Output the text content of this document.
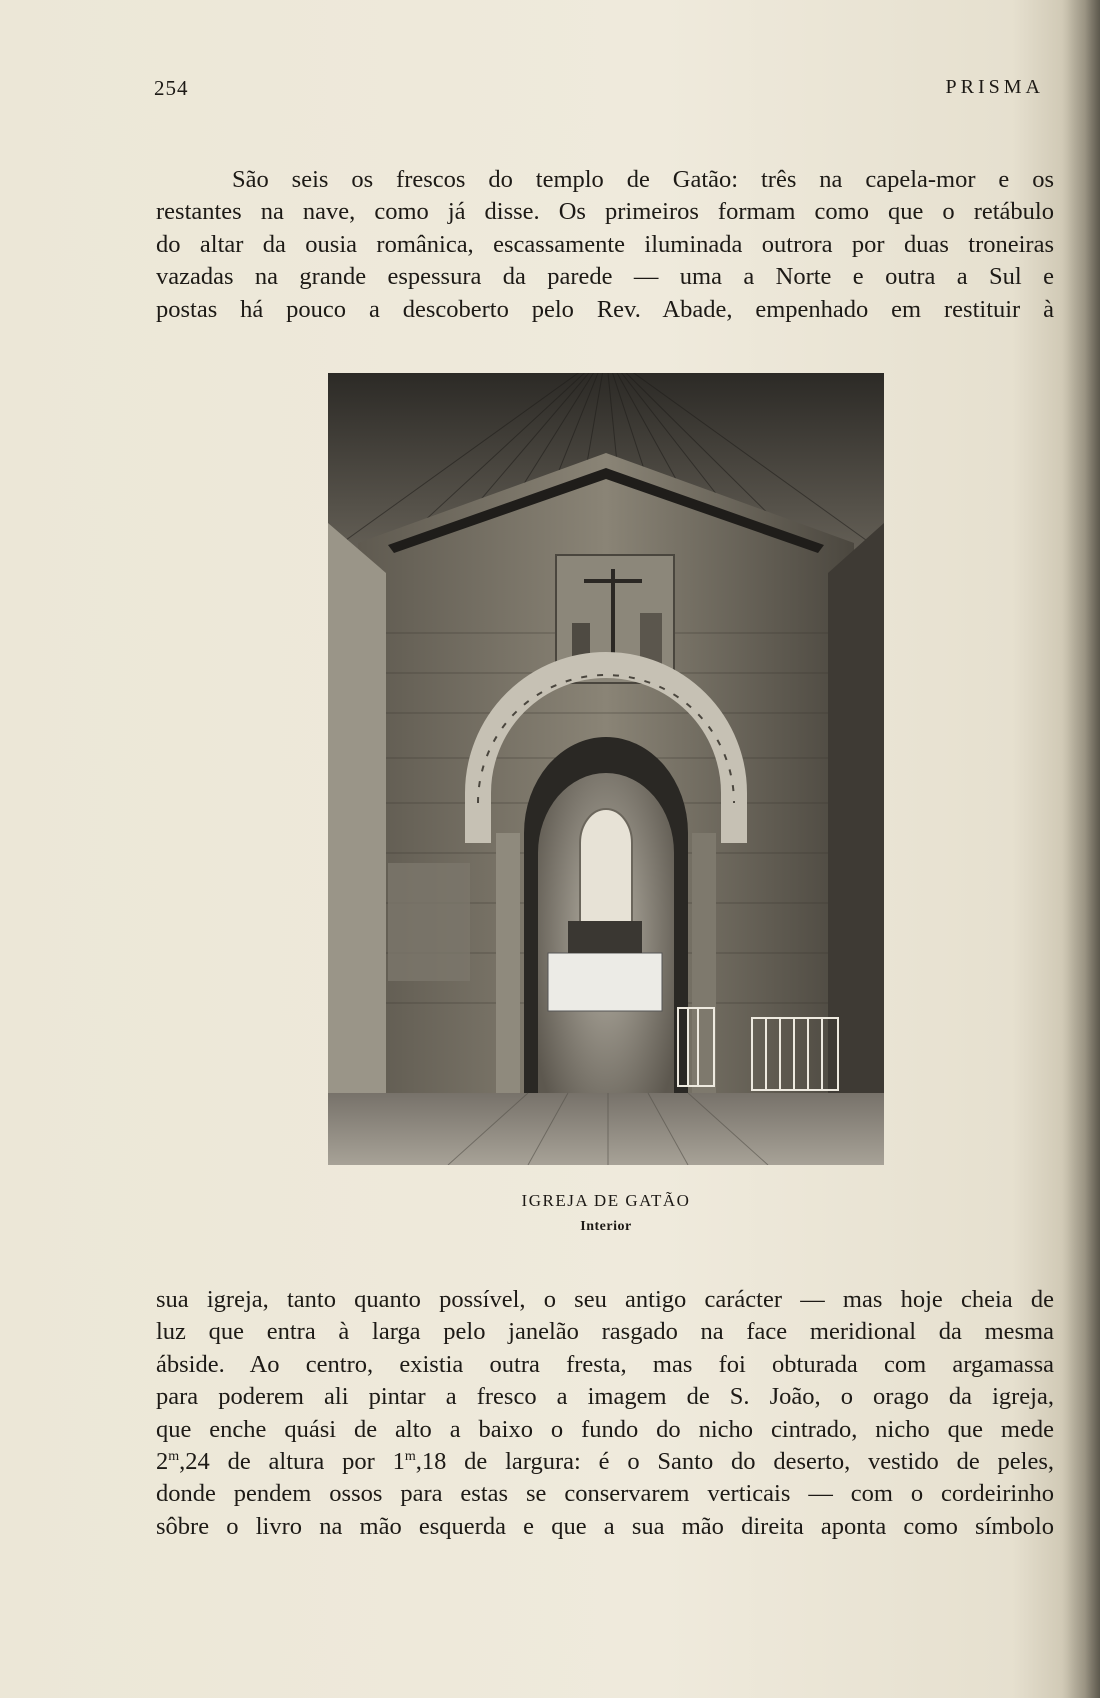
254	PRISMA
São seis os frescos do templo de Gatão: três na capela-mor e os
restantes na nave, como já disse. Os primeiros formam como que o retábulo
do altar da ousia românica, escassamente iluminada outrora por duas troneiras
vazadas na grande espessura da parede — uma a Norte e outra a Sul e
postas há pouco a descoberto pelo Rev. Abade, empenhado em restituir à
IGREJA DE GATÃO
Interior
sua igreja, tanto quanto possível, o seu antigo carácter — mas hoje cheia de
luz que entra à larga pelo janelão rasgado na face meridional da mesma
ábside. Ao centro, existia outra fresta, mas foi obturada com argamassa
para poderem ali pintar a fresco a imagem de S. João, o orago da igreja,
que enche quási de alto a baixo o fundo do nicho cintrado, nicho que mede
2$^m$,24 de altura por 1$^m$,18 de largura: é o Santo do deserto, vestido de peles,
donde pendem ossos para estas se conservarem verticais — com o cordeirinho
sôbre o livro na mão esquerda e que a sua mão direita aponta como símbolo
